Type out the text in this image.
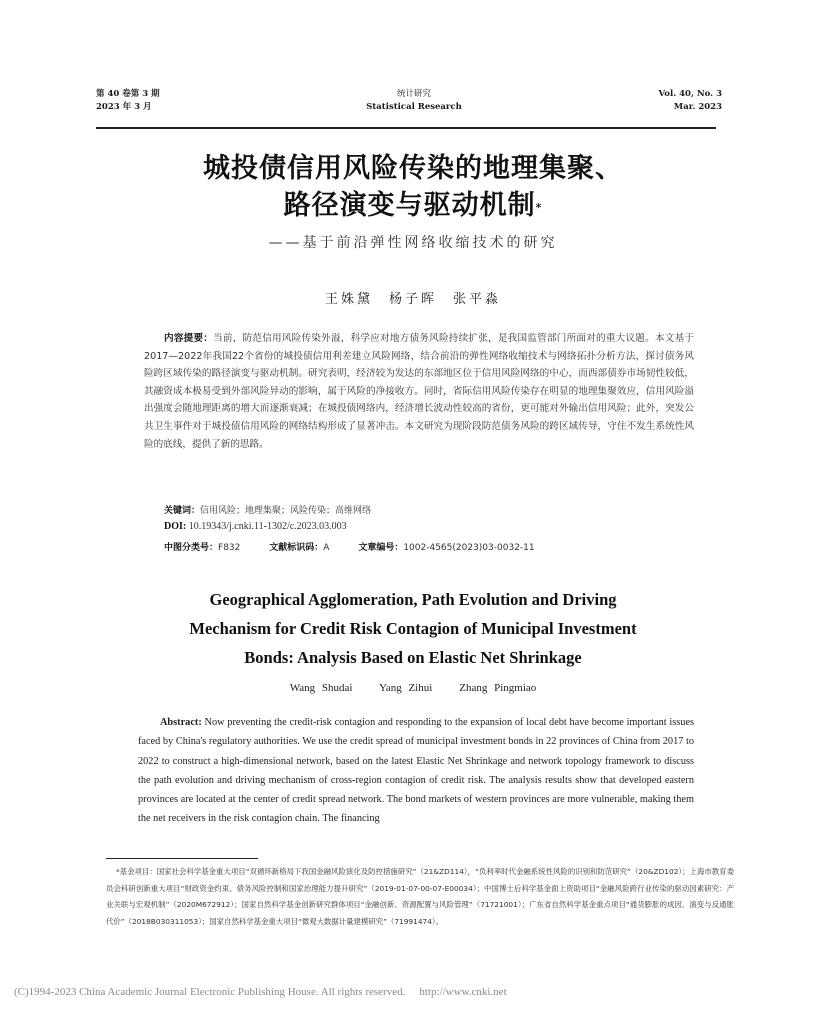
第 40 卷第 3 期
2023 年 3 月
统计研究
Statistical Research
Vol. 40, No. 3
Mar. 2023
城投债信用风险传染的地理集聚、
路径演变与驱动机制*
——基于前沿弹性网络收缩技术的研究
王姝黛　杨子晖　张平淼
内容提要：当前，防范信用风险传染外溢，科学应对地方债务风险持续扩张，是我国监管部门所面对的重大议题。本文基于2017—2022年我国22个省份的城投债信用利差建立风险网络，结合前沿的弹性网络收缩技术与网络拓扑分析方法，探讨债务风险跨区域传染的路径演变与驱动机制。研究表明，经济较为发达的东部地区位于信用风险网络的中心，而西部债券市场韧性较低，其融资成本极易受到外部风险异动的影响，属于风险的净接收方。同时，省际信用风险传染存在明显的地理集聚效应，信用风险溢出强度会随地理距离的增大而逐渐衰减；在城投债网络内，经济增长波动性较高的省份，更可能对外输出信用风险；此外，突发公共卫生事件对于城投债信用风险的网络结构形成了显著冲击。本文研究为现阶段防范债务风险的跨区域传导，守住不发生系统性风险的底线，提供了新的思路。
关键词：信用风险；地理集聚；风险传染；高维网络
DOI: 10.19343/j.cnki.11-1302/c.2023.03.003
中图分类号：F832	文献标识码：A	文章编号：1002-4565(2023)03-0032-11
Geographical Agglomeration, Path Evolution and Driving
Mechanism for Credit Risk Contagion of Municipal Investment
Bonds: Analysis Based on Elastic Net Shrinkage
Wang Shudai    Yang Zihui    Zhang Pingmiao
Abstract: Now preventing the credit-risk contagion and responding to the expansion of local debt have become important issues faced by China's regulatory authorities. We use the credit spread of municipal investment bonds in 22 provinces of China from 2017 to 2022 to construct a high-dimensional network, based on the latest Elastic Net Shrinkage and network topology framework to discuss the path evolution and driving mechanism of cross-region contagion of credit risk. The analysis results show that developed eastern provinces are located at the center of credit spread network. The bond markets of western provinces are more vulnerable, making them the net receivers in the risk contagion chain. The financing
*基金项目：国家社会科学基金重大项目“双循环新格局下我国金融风险演化及防控措施研究”（21&ZD114），“负利率时代金融系统性风险的识别和防范研究”（20&ZD102）；上海市教育委员会科研创新重大项目“财政资金约束、债务风险控制和国家治理能力提升研究”（2019-01-07-00-07-E00034）；中国博士后科学基金面上资助项目“金融风险跨行业传染的驱动因素研究：产业关联与宏观机制”（2020M672912）；国家自然科学基金创新研究群体项目“金融创新、资源配置与风险管理”（71721001）；广东省自然科学基金重点项目“通货膨胀的成因、演变与反通胀代价”（2018B030311053）；国家自然科学基金重大项目“微观大数据计量建模研究”（71991474）。
(C)1994-2023 China Academic Journal Electronic Publishing House. All rights reserved. http://www.cnki.net
